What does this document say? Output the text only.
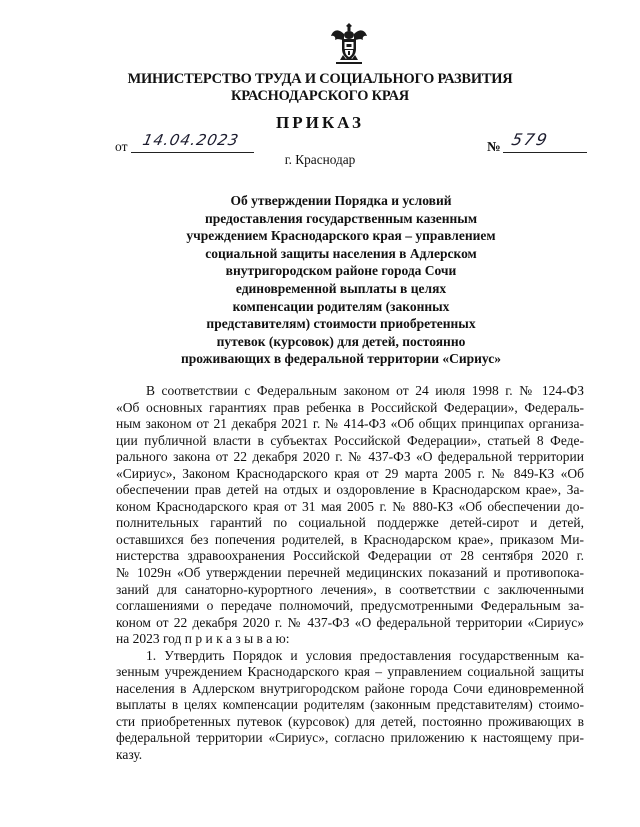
МИНИСТЕРСТВО ТРУДА И СОЦИАЛЬНОГО РАЗВИТИЯ
КРАСНОДАРСКОГО КРАЯ
ПРИКАЗ
от 14.04.2023	№ 579
г. Краснодар
Об утверждении Порядка и условий
предоставления государственным казенным
учреждением Краснодарского края – управлением
социальной защиты населения в Адлерском
внутригородском районе города Сочи
единовременной выплаты в целях
компенсации родителям (законных
представителям) стоимости приобретенных
путевок (курсовок) для детей, постоянно
проживающих в федеральной территории «Сириус»
В соответствии с Федеральным законом от 24 июля 1998 г. № 124-ФЗ
«Об основных гарантиях прав ребенка в Российской Федерации», Федераль-
ным законом от 21 декабря 2021 г. № 414-ФЗ «Об общих принципах организа-
ции публичной власти в субъектах Российской Федерации», статьей 8 Феде-
рального закона от 22 декабря 2020 г. № 437-ФЗ «О федеральной территории
«Сириус», Законом Краснодарского края от 29 марта 2005 г. № 849-КЗ «Об
обеспечении прав детей на отдых и оздоровление в Краснодарском крае», За-
коном Краснодарского края от 31 мая 2005 г. № 880-КЗ «Об обеспечении до-
полнительных гарантий по социальной поддержке детей-сирот и детей,
оставшихся без попечения родителей, в Краснодарском крае», приказом Ми-
нистерства здравоохранения Российской Федерации от 28 сентября 2020 г.
№ 1029н «Об утверждении перечней медицинских показаний и противопока-
заний для санаторно-курортного лечения», в соответствии с заключенными
соглашениями о передаче полномочий, предусмотренными Федеральным за-
коном от 22 декабря 2020 г. № 437-ФЗ «О федеральной территории «Сириус»
на 2023 год п р и к а з ы в а ю:
1. Утвердить Порядок и условия предоставления государственным ка-
зенным учреждением Краснодарского края – управлением социальной защиты
населения в Адлерском внутригородском районе города Сочи единовременной
выплаты в целях компенсации родителям (законным представителям) стоимо-
сти приобретенных путевок (курсовок) для детей, постоянно проживающих в
федеральной территории «Сириус», согласно приложению к настоящему при-
казу.
